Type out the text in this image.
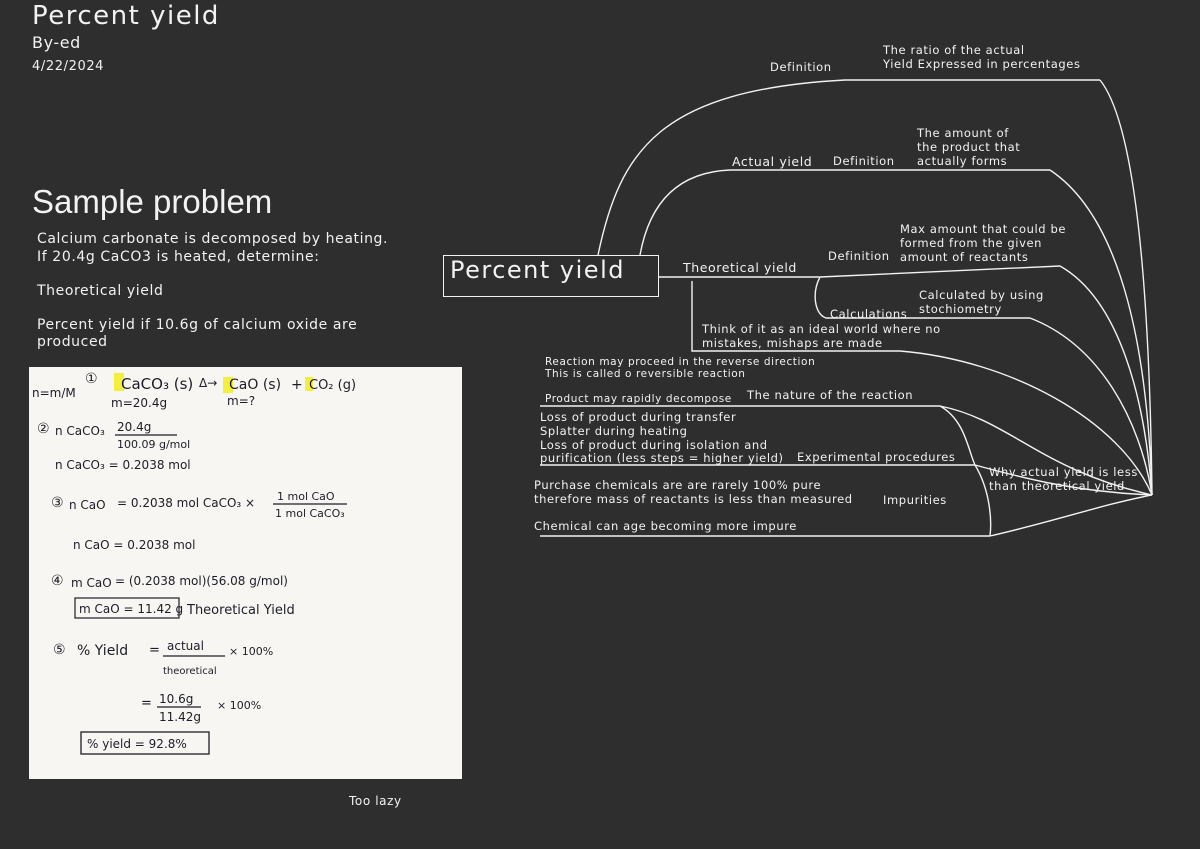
Percent yield
By-ed
4/22/2024
Sample problem
Calcium carbonate is decomposed by heating.
If 20.4g CaCO3 is heated, determine:
Theoretical yield
Percent yield if 10.6g of calcium oxide are
produced
n=m/M
① CaCO₃ (s) Δ→ CaO (s) + CO₂ (g)
m=20.4g	m=?
② n CaCO₃ 20.4g
100.09 g/mol
n CaCO₃ = 0.2038 mol
③ n CaO = 0.2038 mol CaCO₃ × 1 mol CaO
1 mol CaCO₃
n CaO = 0.2038 mol
④ m CaO = (0.2038 mol)(56.08 g/mol)
m CaO = 11.42 g Theoretical Yield
⑤ % Yield = actual
theoretical
× 100%
= 10.6g
11.42g
× 100%
% yield = 92.8%
Too lazy
Percent yield
Definition
The ratio of the actual
Yield Expressed in percentages
Actual yield Definition
The amount of
the product that
actually forms
Theoretical yield
Definition
Max amount that could be
formed from the given
amount of reactants
Calculations
Calculated by using
stochiometry
Think of it as an ideal world where no
mistakes, mishaps are made
Why actual yield is less
than theoretical yield
Reaction may proceed in the reverse direction
This is called o reversible reaction
The nature of the reaction
Product may rapidly decompose
Loss of product during transfer
Splatter during heating
Loss of product during isolation and
purification (less steps = higher yield) Experimental procedures
Purchase chemicals are are rarely 100% pure
therefore mass of reactants is less than measured
Chemical can age becoming more impure
Impurities
